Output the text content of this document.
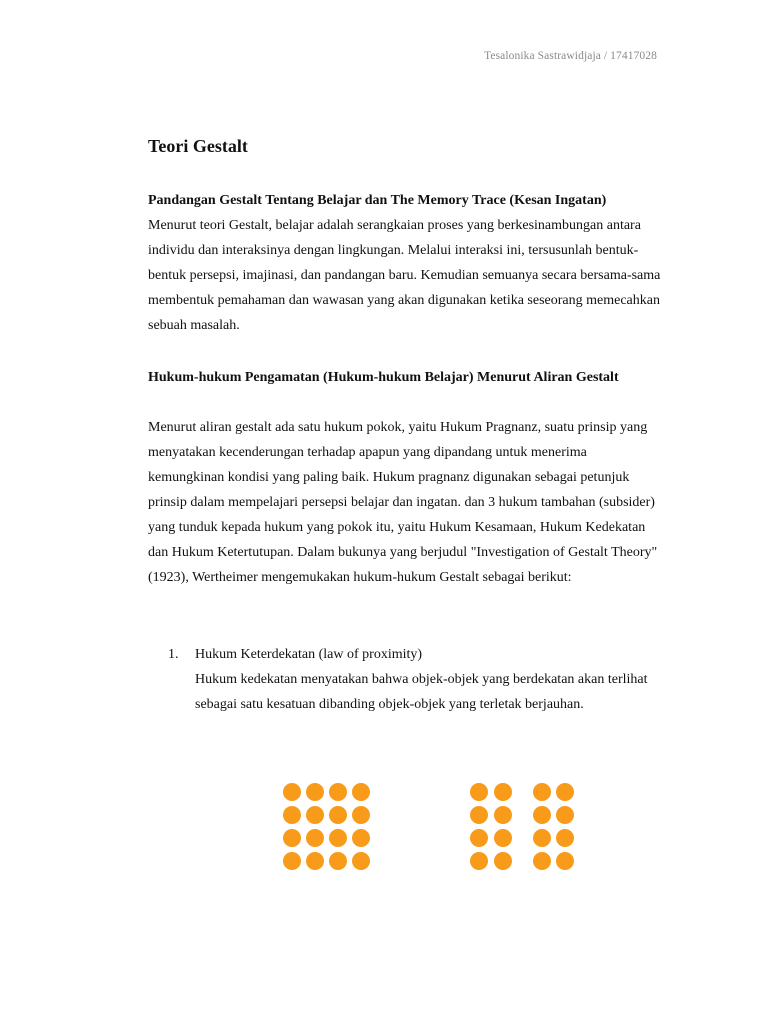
Tesalonika Sastrawidjaja / 17417028
Teori Gestalt
Pandangan Gestalt Tentang Belajar dan The Memory Trace (Kesan Ingatan)

Menurut teori Gestalt, belajar adalah serangkaian proses yang berkesinambungan antara individu dan interaksinya dengan lingkungan. Melalui interaksi ini, tersusunlah bentuk-bentuk persepsi, imajinasi, dan pandangan baru. Kemudian semuanya secara bersama-sama membentuk pemahaman dan wawasan yang akan digunakan ketika seseorang memecahkan sebuah masalah.

Hukum-hukum Pengamatan (Hukum-hukum Belajar) Menurut Aliran Gestalt

Menurut aliran gestalt ada satu hukum pokok, yaitu Hukum Pragnanz, suatu prinsip yang menyatakan kecenderungan terhadap apapun yang dipandang untuk menerima kemungkinan kondisi yang paling baik. Hukum pragnanz digunakan sebagai petunjuk prinsip dalam mempelajari persepsi belajar dan ingatan. dan 3 hukum tambahan (subsider) yang tunduk kepada hukum yang pokok itu, yaitu Hukum Kesamaan, Hukum Kedekatan dan Hukum Ketertutupan. Dalam bukunya yang berjudul "Investigation of Gestalt Theory" (1923), Wertheimer mengemukakan hukum-hukum Gestalt sebagai berikut:

1. Hukum Keterdekatan (law of proximity)
Hukum kedekatan menyatakan bahwa objek-objek yang berdekatan akan terlihat sebagai satu kesatuan dibanding objek-objek yang terletak berjauhan.
